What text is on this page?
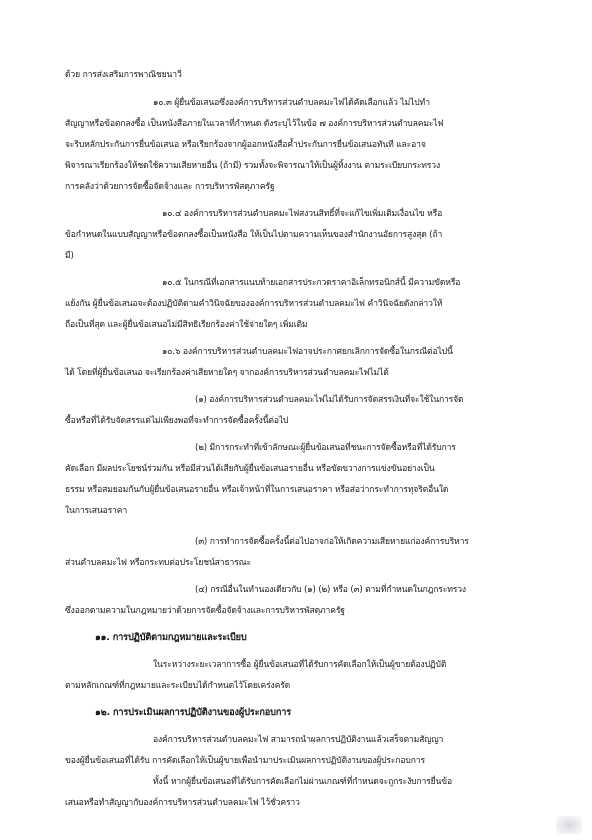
ด้วย การส่งเสริมการพาณิชยนาวี

๑๐.๓ ผู้ยื่นข้อเสนอซึ่งองค์การบริหารส่วนตำบลคมะไฟได้คัดเลือกแล้ว ไม่ไปทำ

สัญญาหรือข้อตกลงซื้อ เป็นหนังสือภายในเวลาที่กำหนด ดังระบุไว้ในข้อ ๗ องค์การบริหารส่วนตำบลคมะไฟ

จะริบหลักประกันการยื่นข้อเสนอ หรือเรียกร้องจากผู้ออกหนังสือค้ำประกันการยื่นข้อเสนอทันที และอาจ

พิจารณาเรียกร้องให้ชดใช้ความเสียหายอื่น (ถ้ามี) รวมทั้งจะพิจารณาให้เป็นผู้ทิ้งงาน ตามระเบียบกระทรวง

การคลังว่าด้วยการจัดซื้อจัดจ้างและ การบริหารพัสดุภาครัฐ

๑๐.๔ องค์การบริหารส่วนตำบลคมะไฟสงวนสิทธิ์ที่จะแก้ไขเพิ่มเติมเงื่อนไข หรือ

ข้อกำหนดในแบบสัญญาหรือข้อตกลงซื้อเป็นหนังสือ ให้เป็นไปตามความเห็นของสำนักงานอัยการสูงสุด (ถ้า

มี)

๑๐.๕ ในกรณีที่เอกสารแนบท้ายเอกสารประกวดราคาอิเล็กทรอนิกส์นี้ มีความขัดหรือ

แย้งกัน ผู้ยื่นข้อเสนอจะต้องปฏิบัติตามคำวินิจฉัยขององค์การบริหารส่วนตำบลคมะไฟ คำวินิจฉัยดังกล่าวให้

ถือเป็นที่สุด และผู้ยื่นข้อเสนอไม่มีสิทธิเรียกร้องค่าใช้จ่ายใดๆ เพิ่มเติม

๑๐.๖ องค์การบริหารส่วนตำบลคมะไฟอาจประกาศยกเลิกการจัดซื้อในกรณีต่อไปนี้

ได้ โดยที่ผู้ยื่นข้อเสนอ จะเรียกร้องค่าเสียหายใดๆ จากองค์การบริหารส่วนตำบลคมะไฟไม่ได้

(๑) องค์การบริหารส่วนตำบลคมะไฟไม่ได้รับการจัดสรรเงินที่จะใช้ในการจัด

ซื้อหรือที่ได้รับจัดสรรแต่ไม่เพียงพอที่จะทำการจัดซื้อครั้งนี้ต่อไป

(๒) มีการกระทำที่เข้าลักษณะผู้ยื่นข้อเสนอที่ชนะการจัดซื้อหรือที่ได้รับการ

คัดเลือก มีผลประโยชน์ร่วมกัน หรือมีส่วนได้เสียกับผู้ยื่นข้อเสนอรายอื่น หรือขัดขวางการแข่งขันอย่างเป็น

ธรรม หรือสมยอมกันกับผู้ยื่นข้อเสนอรายอื่น หรือเจ้าหน้าที่ในการเสนอราคา หรือส่อว่ากระทำการทุจริตอื่นใด

ในการเสนอราคา

(๓) การทำการจัดซื้อครั้งนี้ต่อไปอาจก่อให้เกิดความเสียหายแก่องค์การบริหาร

ส่วนตำบลคมะไฟ หรือกระทบต่อประโยชน์สาธารณะ

(๔) กรณีอื่นในทำนองเดียวกับ (๑) (๒) หรือ (๓) ตามที่กำหนดในกฎกระทรวง

ซึ่งออกตามความในกฎหมายว่าด้วยการจัดซื้อจัดจ้างและการบริหารพัสดุภาครัฐ

๑๑. การปฏิบัติตามกฎหมายและระเบียบ

ในระหว่างระยะเวลาการซื้อ ผู้ยื่นข้อเสนอที่ได้รับการคัดเลือกให้เป็นผู้ขายต้องปฏิบัติ

ตามหลักเกณฑ์ที่กฎหมายและระเบียบได้กำหนดไว้โดยเคร่งครัด

๑๒. การประเมินผลการปฏิบัติงานของผู้ประกอบการ

องค์การบริหารส่วนตำบลคมะไฟ สามารถนำผลการปฏิบัติงานแล้วเสร็จตามสัญญา

ของผู้ยื่นข้อเสนอที่ได้รับ การคัดเลือกให้เป็นผู้ขายเพื่อนำมาประเมินผลการปฏิบัติงานของผู้ประกอบการ

ทั้งนี้ หากผู้ยื่นข้อเสนอที่ได้รับการคัดเลือกไม่ผ่านเกณฑ์ที่กำหนดจะถูกระงับการยื่นข้อ

เสนอหรือทำสัญญากับองค์การบริหารส่วนตำบลคมะไฟ ไว้ชั่วคราว
